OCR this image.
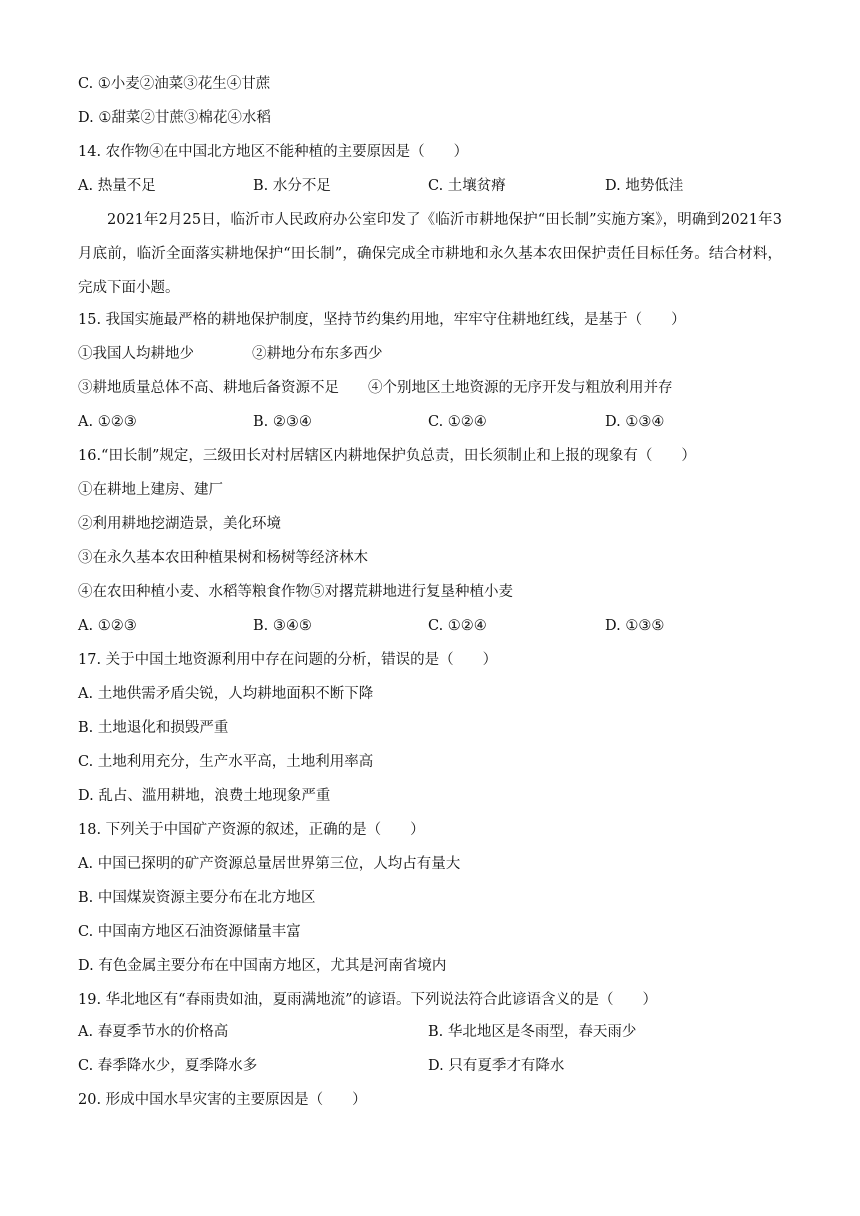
C. ①小麦②油菜③花生④甘蔗
D. ①甜菜②甘蔗③棉花④水稻
14. 农作物④在中国北方地区不能种植的主要原因是（　　）
A. 热量不足	B. 水分不足	C. 土壤贫瘠	D. 地势低洼
2021年2月25日，临沂市人民政府办公室印发了《临沂市耕地保护“田长制”实施方案》，明确到2021年3月底前，临沂全面落实耕地保护“田长制”，确保完成全市耕地和永久基本农田保护责任目标任务。结合材料，完成下面小题。
15. 我国实施最严格的耕地保护制度，坚持节约集约用地，牢牢守住耕地红线，是基于（　　）
①我国人均耕地少　　　　②耕地分布东多西少
③耕地质量总体不高、耕地后备资源不足　　④个别地区土地资源的无序开发与粗放利用并存
A. ①②③	B. ②③④	C. ①②④	D. ①③④
16.“田长制”规定，三级田长对村居辖区内耕地保护负总责，田长须制止和上报的现象有（　　）
①在耕地上建房、建厂
②利用耕地挖湖造景，美化环境
③在永久基本农田种植果树和杨树等经济林木
④在农田种植小麦、水稻等粮食作物⑤对撂荒耕地进行复垦种植小麦
A. ①②③	B. ③④⑤	C. ①②④	D. ①③⑤
17. 关于中国土地资源利用中存在问题的分析，错误的是（　　）
A. 土地供需矛盾尖锐，人均耕地面积不断下降
B. 土地退化和损毁严重
C. 土地利用充分，生产水平高，土地利用率高
D. 乱占、滥用耕地，浪费土地现象严重
18. 下列关于中国矿产资源的叙述，正确的是（　　）
A. 中国已探明的矿产资源总量居世界第三位，人均占有量大
B. 中国煤炭资源主要分布在北方地区
C. 中国南方地区石油资源储量丰富
D. 有色金属主要分布在中国南方地区，尤其是河南省境内
19. 华北地区有“春雨贵如油，夏雨满地流”的谚语。下列说法符合此谚语含义的是（　　）
A. 春夏季节水的价格高	B. 华北地区是冬雨型，春天雨少
C. 春季降水少，夏季降水多	D. 只有夏季才有降水
20. 形成中国水旱灾害的主要原因是（　　）
